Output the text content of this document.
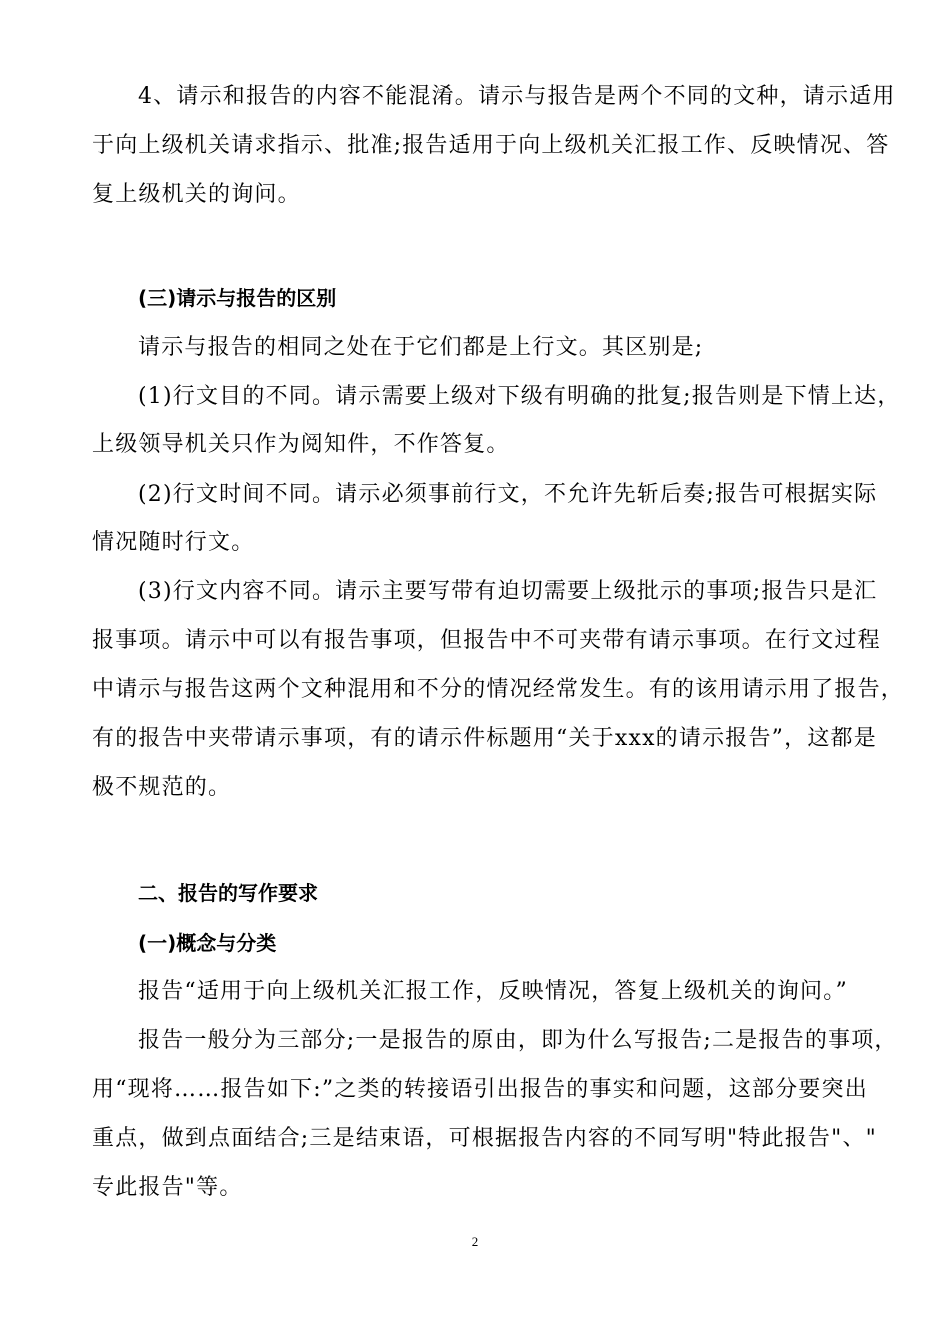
4、请示和报告的内容不能混淆。请示与报告是两个不同的文种，请示适用
于向上级机关请求指示、批准;报告适用于向上级机关汇报工作、反映情况、答
复上级机关的询问。
(三)请示与报告的区别
请示与报告的相同之处在于它们都是上行文。其区别是;
(1)行文目的不同。请示需要上级对下级有明确的批复;报告则是下情上达，
上级领导机关只作为阅知件，不作答复。
(2)行文时间不同。请示必须事前行文，不允许先斩后奏;报告可根据实际
情况随时行文。
(3)行文内容不同。请示主要写带有迫切需要上级批示的事项;报告只是汇
报事项。请示中可以有报告事项，但报告中不可夹带有请示事项。在行文过程
中请示与报告这两个文种混用和不分的情况经常发生。有的该用请示用了报告，
有的报告中夹带请示事项，有的请示件标题用“关于xxx的请示报告”，这都是
极不规范的。
二、报告的写作要求
(一)概念与分类
报告“适用于向上级机关汇报工作，反映情况，答复上级机关的询问。”
报告一般分为三部分;一是报告的原由，即为什么写报告;二是报告的事项，
用“现将……报告如下:”之类的转接语引出报告的事实和问题，这部分要突出
重点，做到点面结合;三是结束语，可根据报告内容的不同写明"特此报告"、"
专此报告"等。
2
